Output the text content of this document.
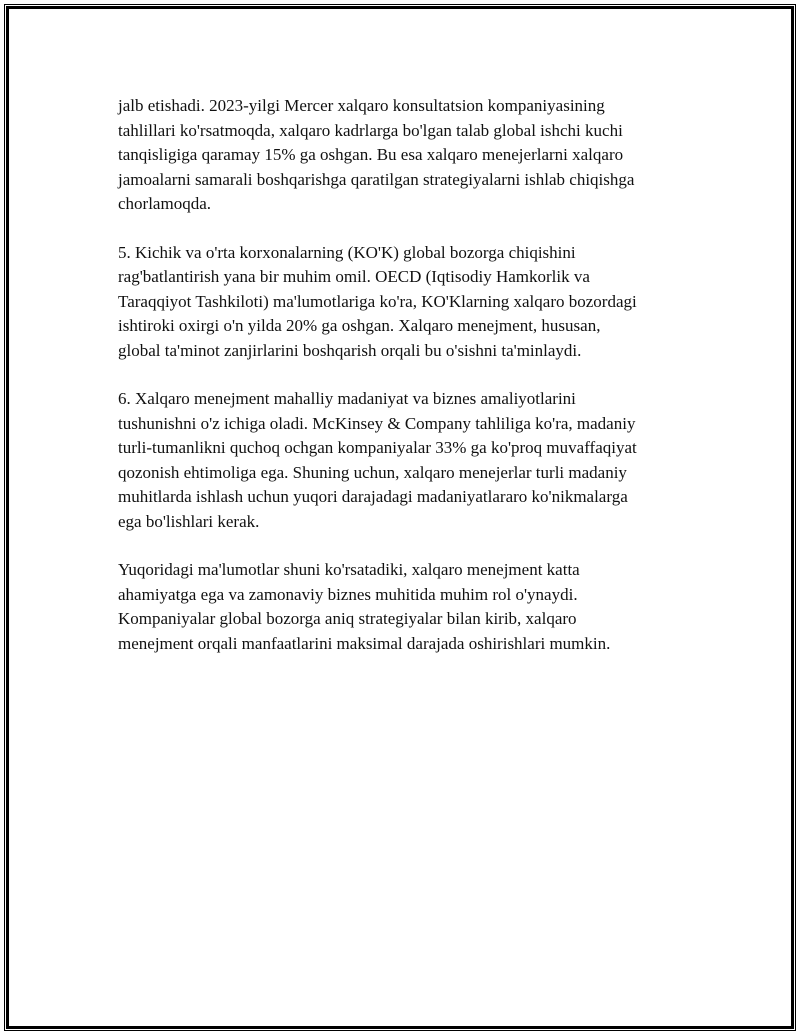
jalb etishadi. 2023-yilgi Mercer xalqaro konsultatsion kompaniyasining
tahlillari ko'rsatmoqda, xalqaro kadrlarga bo'lgan talab global ishchi kuchi
tanqisligiga qaramay 15% ga oshgan. Bu esa xalqaro menejerlarni xalqaro
jamoalarni samarali boshqarishga qaratilgan strategiyalarni ishlab chiqishga
chorlamoqda.

5. Kichik va o'rta korxonalarning (KO'K) global bozorga chiqishini
rag'batlantirish yana bir muhim omil. OECD (Iqtisodiy Hamkorlik va
Taraqqiyot Tashkiloti) ma'lumotlariga ko'ra, KO'Klarning xalqaro bozordagi
ishtiroki oxirgi o'n yilda 20% ga oshgan. Xalqaro menejment, hususan,
global ta'minot zanjirlarini boshqarish orqali bu o'sishni ta'minlaydi.

6. Xalqaro menejment mahalliy madaniyat va biznes amaliyotlarini
tushunishni o'z ichiga oladi. McKinsey & Company tahliliga ko'ra, madaniy
turli-tumanlikni quchoq ochgan kompaniyalar 33% ga ko'proq muvaffaqiyat
qozonish ehtimoliga ega. Shuning uchun, xalqaro menejerlar turli madaniy
muhitlarda ishlash uchun yuqori darajadagi madaniyatlararo ko'nikmalarga
ega bo'lishlari kerak.

Yuqoridagi ma'lumotlar shuni ko'rsatadiki, xalqaro menejment katta
ahamiyatga ega va zamonaviy biznes muhitida muhim rol o'ynaydi.
Kompaniyalar global bozorga aniq strategiyalar bilan kirib, xalqaro
menejment orqali manfaatlarini maksimal darajada oshirishlari mumkin.
